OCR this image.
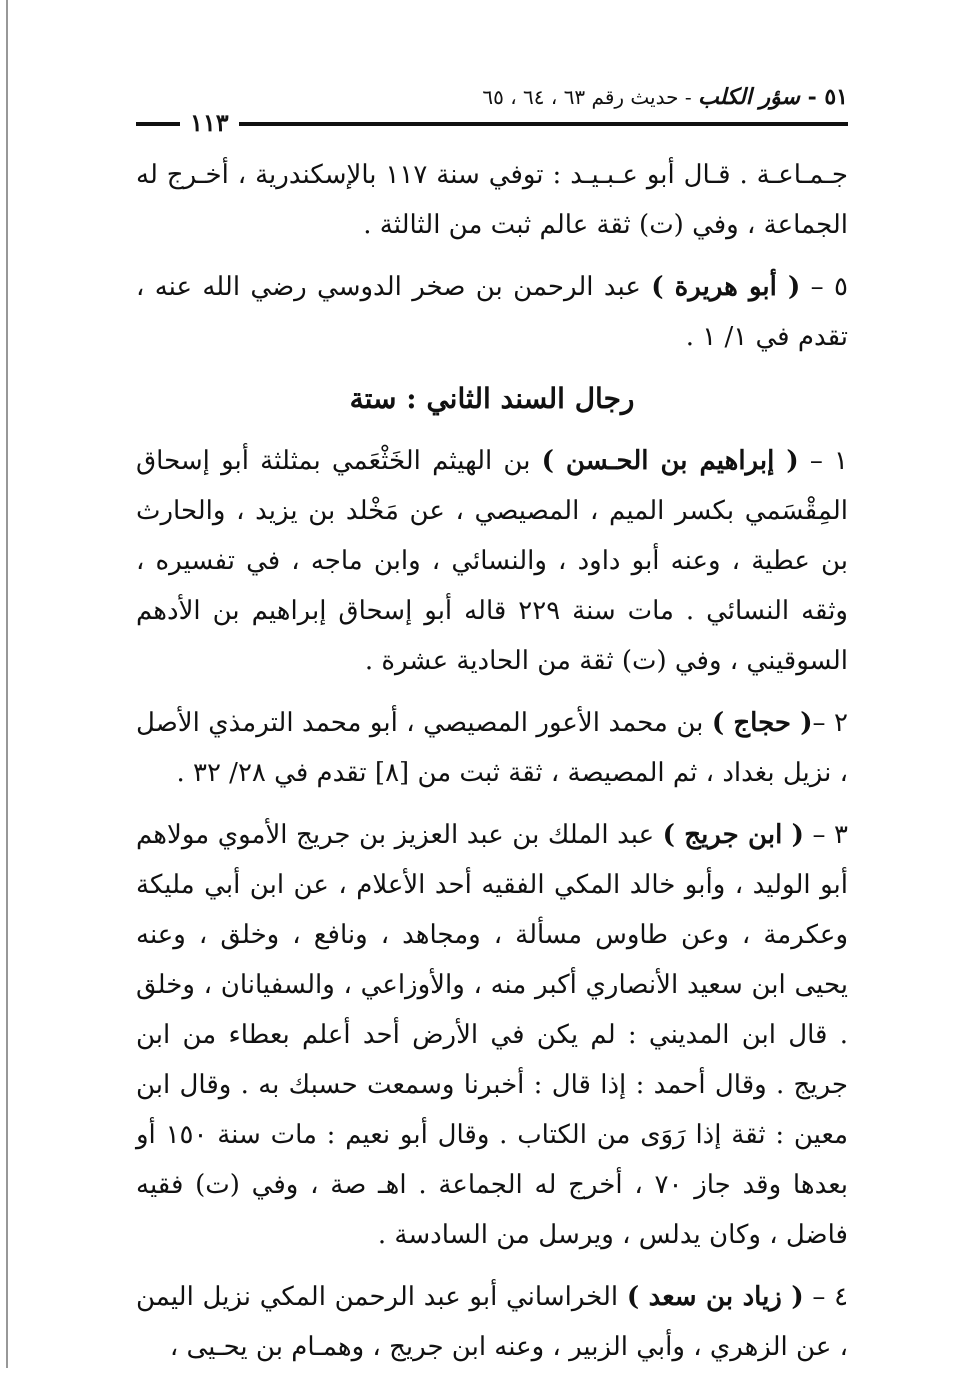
٥١ - سؤر الكلب - حديث رقم ٦٣ ، ٦٤ ، ٦٥
١١٣

جـمـاعـة . قـال أبو عـبـيـد : توفي سنة ١١٧ بالإسكندرية ، أخـرج له الجماعة ، وفي (ت) ثقة عالم ثبت من الثالثة .

٥ – ( أبو هريرة ) عبد الرحمن بن صخر الدوسي رضي الله عنه ، تقدم في ١/ ١ .

رجال السند الثاني : ستة

١ – ( إبراهيم بن الحـسن ) بن الهيثم الخَثْعَمي بمثلثة أبو إسحاق المِقْسَمي بكسر الميم ، المصيصي ، عن مَخْلد بن يزيد ، والحارث بن عطية ، وعنه أبو داود ، والنسائي ، وابن ماجه ، في تفسيره ، وثقه النسائي . مات سنة ٢٢٩ قاله أبو إسحاق إبراهيم بن الأدهم السوقيني ، وفي (ت) ثقة من الحادية عشرة .

٢ –( حجاج ) بن محمد الأعور المصيصي ، أبو محمد الترمذي الأصل ، نزيل بغداد ، ثم المصيصة ، ثقة ثبت من [٨] تقدم في ٢٨/ ٣٢ .

٣ – ( ابن جريج ) عبد الملك بن عبد العزيز بن جريج الأموي مولاهم أبو الوليد ، وأبو خالد المكي الفقيه أحد الأعلام ، عن ابن أبي مليكة وعكرمة ، وعن طاوس مسألة ، ومجاهد ، ونافع ، وخلق ، وعنه يحيى ابن سعيد الأنصاري أكبر منه ، والأوزاعي ، والسفيانان ، وخلق . قال ابن المديني : لم يكن في الأرض أحد أعلم بعطاء من ابن جريج . وقال أحمد : إذا قال : أخبرنا وسمعت حسبك به . وقال ابن معين : ثقة إذا رَوَى من الكتاب . وقال أبو نعيم : مات سنة ١٥٠ أو بعدها وقد جاز ٧٠ ، أخرج له الجماعة . اهـ صة ، وفي (ت) فقيه فاضل ، وكان يدلس ، ويرسل من السادسة .

٤ – ( زياد بن سعد ) الخراساني أبو عبد الرحمن المكي نزيل اليمن ، عن الزهري ، وأبي الزبير ، وعنه ابن جريج ، وهمـام بن يحـيى ،
